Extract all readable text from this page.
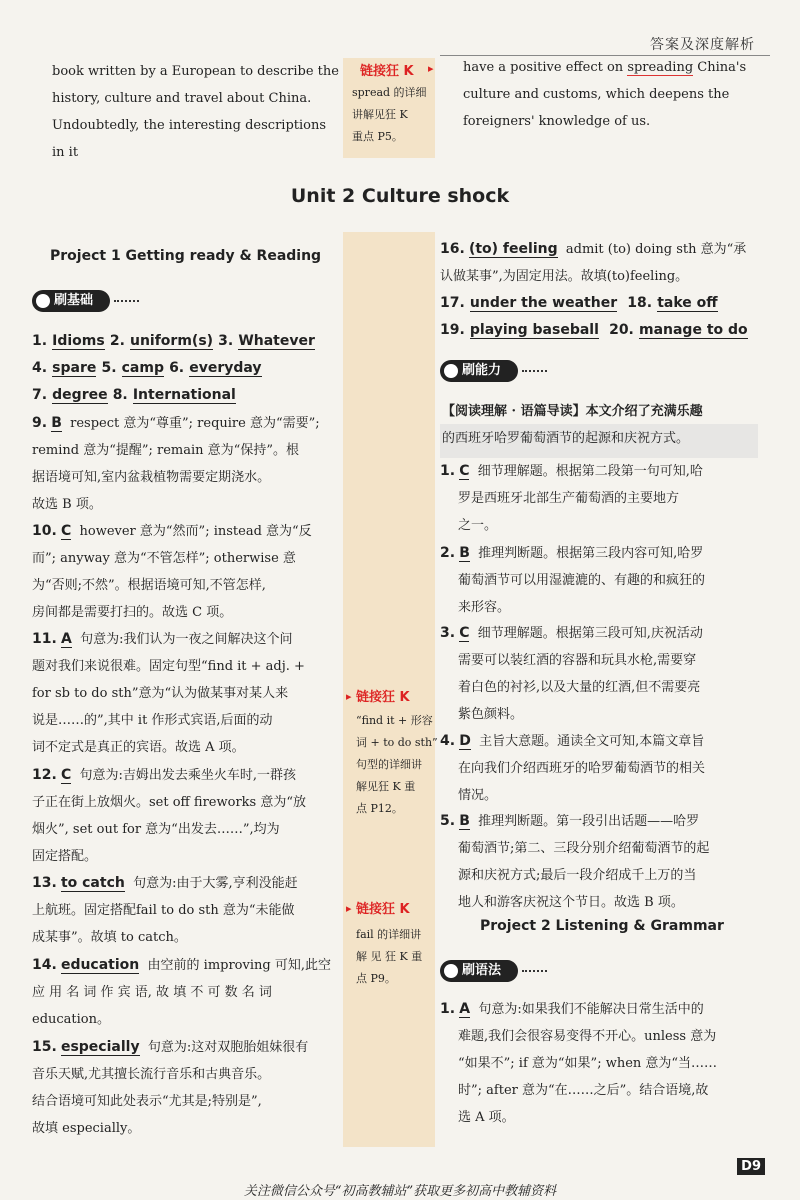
答案及深度解析
book written by a European to describe the
history, culture and travel about China.
Undoubtedly, the interesting descriptions in it
链接狂 K ▸
spread 的详细
讲解见狂 K
重点 P5。
have a positive effect on spreading China's
culture and customs, which deepens the
foreigners' knowledge of us.
Unit 2 Culture shock
Project 1 Getting ready & Reading
刷基础
1. Idioms 2. uniform(s) 3. Whatever
4. spare 5. camp 6. everyday
7. degree 8. International
9. B respect 意为“尊重”; require 意为“需要”;
remind 意为“提醒”; remain 意为“保持”。根
据语境可知,室内盆栽植物需要定期浇水。
故选 B 项。
10. C however 意为“然而”; instead 意为“反
而”; anyway 意为“不管怎样”; otherwise 意
为“否则;不然”。根据语境可知,不管怎样,
房间都是需要打扫的。故选 C 项。
11. A 句意为:我们认为一夜之间解决这个问
题对我们来说很难。固定句型“find it + adj. +
for sb to do sth”意为“认为做某事对某人来
说是……的”,其中 it 作形式宾语,后面的动
词不定式是真正的宾语。故选 A 项。
12. C 句意为:吉姆出发去乘坐火车时,一群孩
子正在街上放烟火。set off fireworks 意为“放
烟火”, set out for 意为“出发去……”,均为
固定搭配。
13. to catch 句意为:由于大雾,亨利没能赶
上航班。固定搭配fail to do sth 意为“未能做
成某事”。故填 to catch。
14. education 由空前的 improving 可知,此空
应 用 名 词 作 宾 语, 故 填 不 可 数 名 词
education。
15. especially 句意为:这对双胞胎姐妹很有
音乐天赋,尤其擅长流行音乐和古典音乐。
结合语境可知此处表示“尤其是;特别是”,
故填 especially。
▸ 链接狂 K
“find it + 形容
词 + to do sth”
句型的详细讲
解见狂 K 重
点 P12。
▸ 链接狂 K
fail 的详细讲
解 见 狂 K 重
点 P9。
16. (to) feeling admit (to) doing sth 意为“承
认做某事”,为固定用法。故填(to)feeling。
17. under the weather 18. take off
19. playing baseball 20. manage to do
刷能力
【阅读理解 · 语篇导读】本文介绍了充满乐趣
的西班牙哈罗葡萄酒节的起源和庆祝方式。
1. C 细节理解题。根据第二段第一句可知,哈
罗是西班牙北部生产葡萄酒的主要地方
之一。
2. B 推理判断题。根据第三段内容可知,哈罗
葡萄酒节可以用湿漉漉的、有趣的和疯狂的
来形容。
3. C 细节理解题。根据第三段可知,庆祝活动
需要可以装红酒的容器和玩具水枪,需要穿
着白色的衬衫,以及大量的红酒,但不需要亮
紫色颜料。
4. D 主旨大意题。通读全文可知,本篇文章旨
在向我们介绍西班牙的哈罗葡萄酒节的相关
情况。
5. B 推理判断题。第一段引出话题——哈罗
葡萄酒节;第二、三段分别介绍葡萄酒节的起
源和庆祝方式;最后一段介绍成千上万的当
地人和游客庆祝这个节日。故选 B 项。
Project 2 Listening & Grammar
刷语法
1. A 句意为:如果我们不能解决日常生活中的
难题,我们会很容易变得不开心。unless 意为
“如果不”; if 意为“如果”; when 意为“当……
时”; after 意为“在……之后”。结合语境,故
选 A 项。
D9
关注微信公众号“初高教辅站”获取更多初高中教辅资料
